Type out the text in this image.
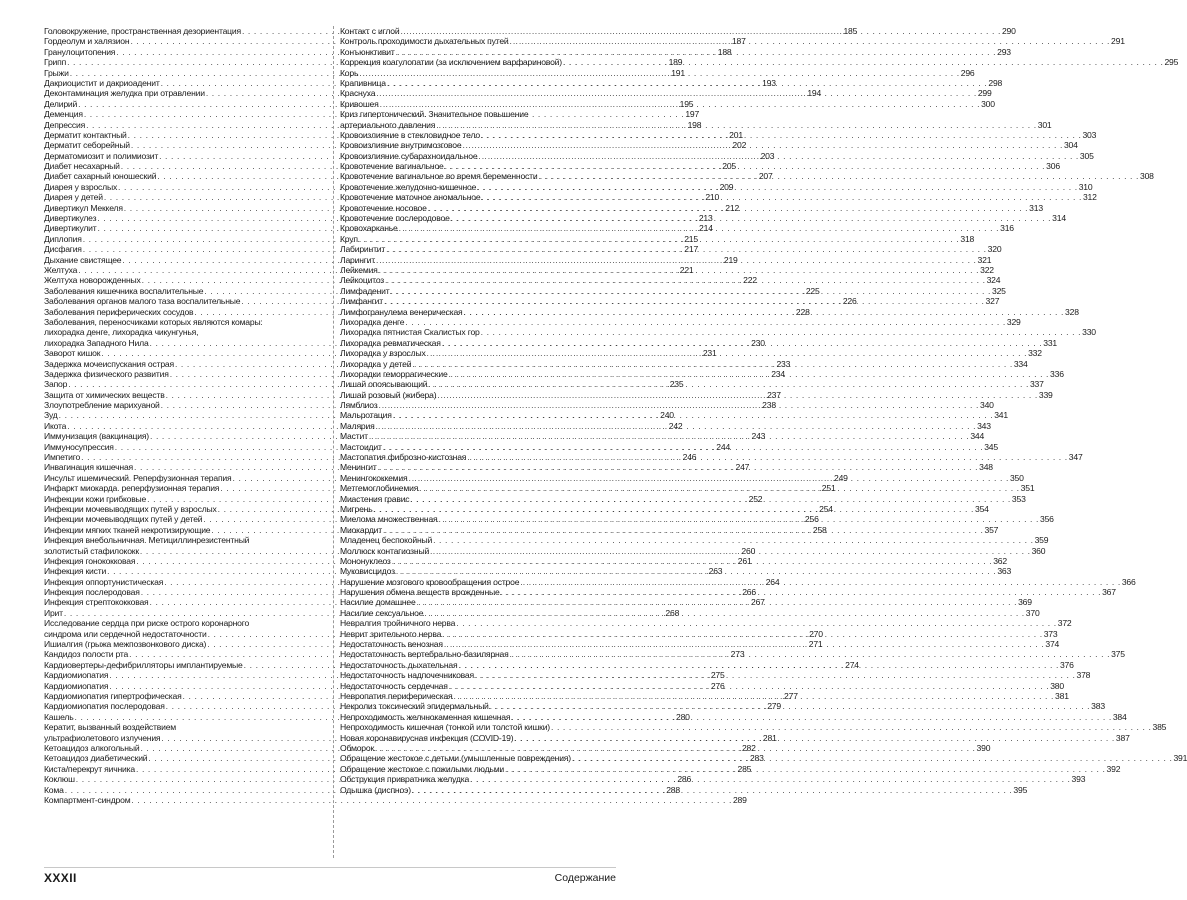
Головокружение, пространственная дезориентация . . .	185
Гордеолум и халязион . . .	187
Гранулоцитопения . . .	188
Грипп . . .	189
Грыжи . . .	191
Дакриоцистит и дакриоаденит . . .	193
Деконтаминация желудка при отравлении . . .	194
Делирий . . .	195
Деменция . . .	197
Депрессия . . .	198
Дерматит контактный . . .	201
Дерматит себорейный . . .	202
Дерматомиозит и полимиозит . . .	203
Диабет несахарный . . .	205
Диабет сахарный юношеский . . .	207
Диарея у взрослых . . .	209
Диарея у детей . . .	210
Дивертикул Меккеля . . .	212
Дивертикулез . . .	213
Дивертикулит . . .	214
Диплопия . . .	215
Дисфагия . . .	217
Дыхание свистящее . . .	219
Желтуха . . .	221
Желтуха новорожденных . . .	222
Заболевания кишечника воспалительные . . .	225
Заболевания органов малого таза воспалительные . . .	226
Заболевания периферических сосудов . . .	228
Заболевания, переносчиками которых являются комары:
лихорадка денге, лихорадка чикунгунья,
лихорадка Западного Нила . . .	230
Заворот кишок . . .	231
Задержка мочеиспускания острая . . .	233
Задержка физического развития . . .	234
Запор . . .	235
Защита от химических веществ . . .	237
Злоупотребление марихуаной . . .	238
Зуд . . .	240
Икота . . .	242
Иммунизация (вакцинация) . . .	243
Иммуносупрессия . . .	244
Импетиго . . .	246
Инвагинация кишечная . . .	247
Инсульт ишемический. Реперфузионная терапия . . .	249
Инфаркт миокарда. реперфузионная терапия . . .	251
Инфекции кожи грибковые . . .	252
Инфекции мочевыводящих путей у взрослых . . .	254
Инфекции мочевыводящих путей у детей . . .	256
Инфекции мягких тканей некротизирующие . . .	258
Инфекция внебольничная. Метициллинрезистентный
золотистый стафилококк . . .	260
Инфекция гонококковая . . .	261
Инфекция кисти . . .	263
Инфекция оппортунистическая . . .	264
Инфекция послеродовая . . .	266
Инфекция стрептококковая . . .	267
Ирит . . .	268
Исследование сердца при риске острого коронарного
синдрома или сердечной недостаточности . . .	270
Ишиалгия (грыжа межпозвонкового диска) . . .	271
Кандидоз полости рта . . .	273
Кардиовертеры-дефибрилляторы имплантируемые . . .	274
Кардиомиопатия . . .	275
Кардиомиопатия . . .	276
Кардиомиопатия гипертрофическая . . .	277
Кардиомиопатия послеродовая . . .	279
Кашель . . .	280
Кератит, вызванный воздействием
ультрафиолетового излучения . . .	281
Кетоацидоз алкогольный . . .	282
Кетоацидоз диабетический . . .	283
Киста/перекрут яичника . . .	285
Коклюш . . .	286
Кома . . .	288
Компартмент-синдром . . .	289
Контакт с иглой . . .	290
Контроль проходимости дыхательных путей . . .	291
Конъюнктивит . . .	293
Коррекция коагулопатии (за исключением варфариновой) . . .	295
Корь . . .	296
Крапивница . . .	298
Краснуха . . .	299
Кривошея . . .	300
Криз гипертонический. Значительное повышение
артериального давления . . .	301
Кровоизлияние в стекловидное тело . . .	303
Кровоизлияние внутримозговое . . .	304
Кровоизлияние субарахноидальное . . .	305
Кровотечение вагинальное . . .	306
Кровотечение вагинальное во время беременности . . .	308
Кровотечение желудочно-кишечное . . .	310
Кровотечение маточное аномальное . . .	312
Кровотечение носовое . . .	313
Кровотечение послеродовое . . .	314
Кровохарканье . . .	316
Круп . . .	318
Лабиринтит . . .	320
Ларингит . . .	321
Лейкемия . . .	322
Лейкоцитоз . . .	324
Лимфаденит . . .	325
Лимфангит . . .	327
Лимфогранулема венерическая . . .	328
Лихорадка денге . . .	329
Лихорадка пятнистая Скалистых гор . . .	330
Лихорадка ревматическая . . .	331
Лихорадка у взрослых . . .	332
Лихорадка у детей . . .	334
Лихорадки геморрагические . . .	336
Лишай опоясывающий . . .	337
Лишай розовый (жибера) . . .	339
Лямблиоз . . .	340
Мальротация . . .	341
Малярия . . .	343
Мастит . . .	344
Мастоидит . . .	345
Мастопатия фиброзно-кистозная . . .	347
Менингит . . .	348
Менингококкемия . . .	350
Метгемоглобинемия . . .	351
Миастения гравис . . .	353
Мигрень . . .	354
Миелома множественная . . .	356
Миокардит . . .	357
Младенец беспокойный . . .	359
Моллюск контагиозный . . .	360
Мононуклеоз . . .	362
Муковисцидоз . . .	363
Нарушение мозгового кровообращения острое . . .	366
Нарушения обмена веществ врожденные . . .	367
Насилие домашнее . . .	369
Насилие сексуальное . . .	370
Невралгия тройничного нерва . . .	372
Неврит зрительного нерва . . .	373
Недостаточность венозная . . .	374
Недостаточность вертебрально-базилярная . . .	375
Недостаточность дыхательная . . .	376
Недостаточность надпочечниковая . . .	378
Недостаточность сердечная . . .	380
Невропатия периферическая . . .	381
Некролиз токсический эпидермальный . . .	383
Непроходимость желчнокаменная кишечная . . .	384
Непроходимость кишечная (тонкой или толстой кишки) . . .	385
Новая коронавирусная инфекция (COVID-19) . . .	387
Обморок . . .	390
Обращение жестокое с детьми (умышленные повреждения) . . .	391
Обращение жестокое с пожилыми людьми . . .	392
Обструкция привратника желудка . . .	393
Одышка (диспноэ) . . .	395
XXXII	Содержание
